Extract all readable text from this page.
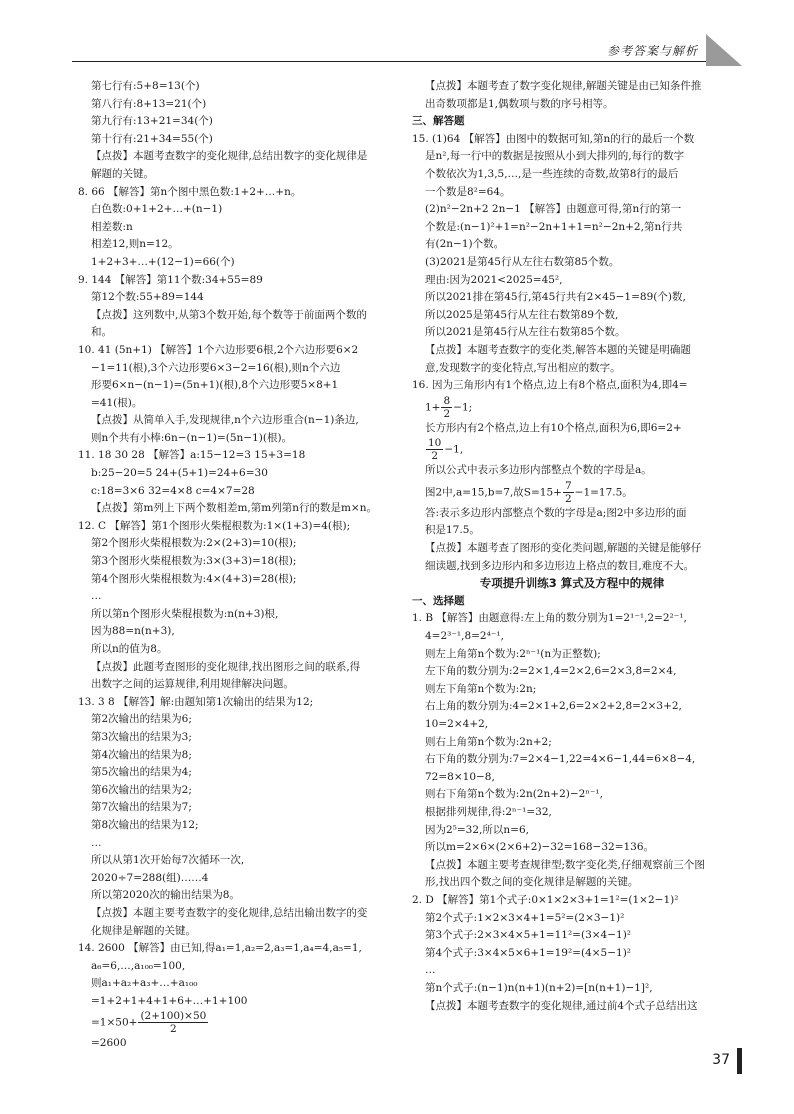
参考答案与解析

第七行有:5+8=13(个)

第八行有:8+13=21(个)

第九行有:13+21=34(个)

第十行有:21+34=55(个)

【点拨】本题考查数字的变化规律,总结出数字的变化规律是

解题的关键。

8. 66 【解答】第n个图中黑色数:1+2+…+n。

白色数:0+1+2+…+(n−1)

相差数:n

相差12,则n=12。

1+2+3+…+(12−1)=66(个)

9. 144 【解答】第11个数:34+55=89

第12个数:55+89=144

【点拨】这列数中,从第3个数开始,每个数等于前面两个数的

和。

10. 41 (5n+1) 【解答】1个六边形要6根,2个六边形要6×2

−1=11(根),3个六边形要6×3−2=16(根),则n个六边

形要6×n−(n−1)=(5n+1)(根),8个六边形要5×8+1

=41(根)。

【点拨】从简单入手,发现规律,n个六边形重合(n−1)条边,

则n个共有小棒:6n−(n−1)=(5n−1)(根)。

11. 18 30 28 【解答】a:15−12=3 15+3=18

b:25−20=5 24+(5+1)=24+6=30

c:18=3×6 32=4×8 c=4×7=28

【点拨】第m列上下两个数相差m,第m列第n行的数是m×n。

12. C 【解答】第1个图形火柴棍根数为:1×(1+3)=4(根);

第2个图形火柴棍根数为:2×(2+3)=10(根);

第3个图形火柴棍根数为:3×(3+3)=18(根);

第4个图形火柴棍根数为:4×(4+3)=28(根);

…

所以第n个图形火柴棍根数为:n(n+3)根,

因为88=n(n+3),

所以n的值为8。

【点拨】此题考查图形的变化规律,找出图形之间的联系,得

出数字之间的运算规律,利用规律解决问题。

13. 3 8 【解答】解:由题知第1次输出的结果为12;

第2次输出的结果为6;

第3次输出的结果为3;

第4次输出的结果为8;

第5次输出的结果为4;

第6次输出的结果为2;

第7次输出的结果为7;

第8次输出的结果为12;

…

所以从第1次开始每7次循环一次,

2020÷7=288(组)……4

所以第2020次的输出结果为8。

【点拨】本题主要考查数字的变化规律,总结出输出数字的变

化规律是解题的关键。

14. 2600 【解答】由已知,得a₁=1,a₂=2,a₃=1,a₄=4,a₅=1,

a₆=6,…,a₁₀₀=100,

则a₁+a₂+a₃+…+a₁₀₀

=1+2+1+4+1+6+…+1+100

$=1\times 50+ \frac{(2+100)\times 50}{2}$

=2600

【点拨】本题考查了数字变化规律,解题关键是由已知条件推

出奇数项都是1,偶数项与数的序号相等。

三、解答题

15. (1)64 【解答】由图中的数据可知,第n的行的最后一个数

是n²,每一行中的数据是按照从小到大排列的,每行的数字

个数依次为1,3,5,…,是一些连续的奇数,故第8行的最后

一个数是8²=64。

(2)n²−2n+2 2n−1 【解答】由题意可得,第n行的第一

个数是:(n−1)²+1=n²−2n+1+1=n²−2n+2,第n行共

有(2n−1)个数。

(3)2021是第45行从左往右数第85个数。

理由:因为2021<2025=45²,

所以2021排在第45行,第45行共有2×45−1=89(个)数,

所以2025是第45行从左往右数第89个数,

所以2021是第45行从左往右数第85个数。

【点拨】本题考查数字的变化类,解答本题的关键是明确题

意,发现数字的变化特点,写出相应的数字。

16. 因为三角形内有1个格点,边上有8个格点,面积为4,即4=

$1+ \frac{8}{2} -1$;

长方形内有2个格点,边上有10个格点,面积为6,即6=2+

$\frac{10}{2} -1$,

所以公式中表示多边形内部整点个数的字母是a。

图2中,a=15,b=7,故$S=15+ \frac{7}{2} -1=17.5$。

答:表示多边形内部整点个数的字母是a;图2中多边形的面

积是17.5。

【点拨】本题考查了图形的变化类问题,解题的关键是能够仔

细读题,找到多边形内和多边形边上格点的数目,难度不大。

专项提升训练3 算式及方程中的规律

一、选择题

1. B 【解答】由题意得:左上角的数分别为1=2¹⁻¹,2=2²⁻¹,

4=2³⁻¹,8=2⁴⁻¹,

则左上角第n个数为:2ⁿ⁻¹(n为正整数);

左下角的数分别为:2=2×1,4=2×2,6=2×3,8=2×4,

则左下角第n个数为:2n;

右上角的数分别为:4=2×1+2,6=2×2+2,8=2×3+2,

10=2×4+2,

则右上角第n个数为:2n+2;

右下角的数分别为:7=2×4−1,22=4×6−1,44=6×8−4,

72=8×10−8,

则右下角第n个数为:2n(2n+2)−2ⁿ⁻¹,

根据排列规律,得:2ⁿ⁻¹=32,

因为2⁵=32,所以n=6,

所以m=2×6×(2×6+2)−32=168−32=136。

【点拨】本题主要考查规律型;数字变化类,仔细观察前三个图

形,找出四个数之间的变化规律是解题的关键。

2. D 【解答】第1个式子:0×1×2×3+1=1²=(1×2−1)²

第2个式子:1×2×3×4+1=5²=(2×3−1)²

第3个式子:2×3×4×5+1=11²=(3×4−1)²

第4个式子:3×4×5×6+1=19²=(4×5−1)²

…

第n个式子:(n−1)n(n+1)(n+2)=[n(n+1)−1]²,

【点拨】本题考查数字的变化规律,通过前4个式子总结出这

37
